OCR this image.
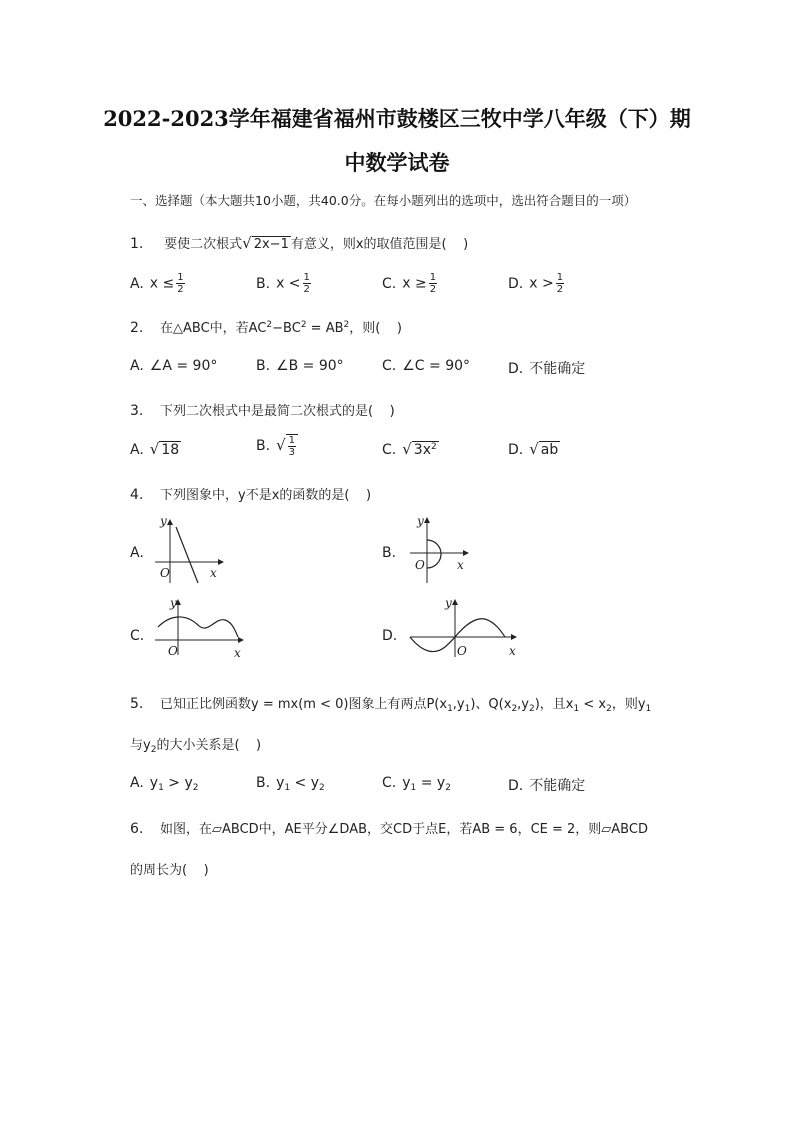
2022-2023学年福建省福州市鼓楼区三牧中学八年级（下）期
中数学试卷
一、选择题（本大题共10小题，共40.0分。在每小题列出的选项中，选出符合题目的一项）
1. 要使二次根式√ 2x−1 有意义，则x的取值范围是(    )
A. $x \le \frac{1}{2}$	B. $x < \frac{1}{2}$	C. $x \ge \frac{1}{2}$	D. $x > \frac{1}{2}$
2. 在△ABC中，若$AC^2-BC^2 = AB^2$，则(    )
A. ∠A = 90°	B. ∠B = 90°	C. ∠C = 90°	D. 不能确定
3. 下列二次根式中是最简二次根式的是(    )
A. √ 18	B. √ $\frac{1}{3}$	C. √ $3x^2$	D. √ ab
4. 下列图象中，y不是x的函数的是(    )
A.
y
x
O
B.
y
x
O
C.
y
x
O
D.
y
x
O
5. 已知正比例函数y = mx(m < 0)图象上有两点$P(x_1,y_1)$、$Q(x_2,y_2)$，且$x_1 < x_2$，则$y_1$
与$y_2$的大小关系是(    )
A. $y_1 > y_2$	B. $y_1 < y_2$	C. $y_1 = y_2$	D. 不能确定
6. 如图，在▱ABCD中，AE平分∠DAB，交CD于点E，若AB = 6，CE = 2，则▱ABCD
的周长为(    )
